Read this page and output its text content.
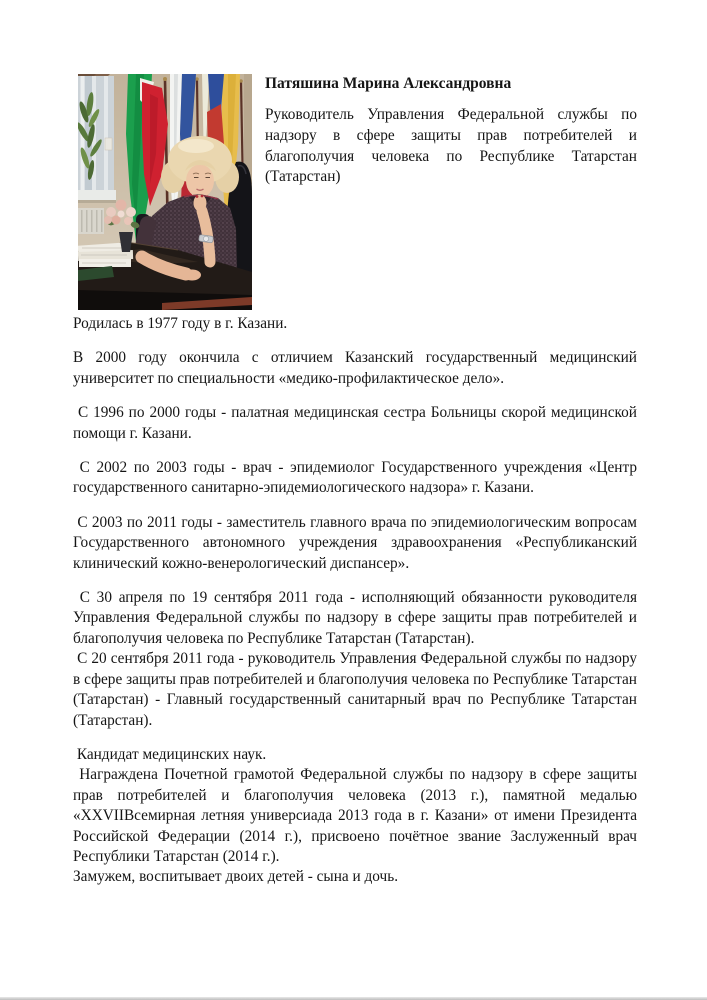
Патяшина Марина Александровна

Руководитель Управления Федеральной службы по надзору в сфере защиты прав потребителей и благополучия человека по Республике Татарстан (Татарстан)

Родилась в 1977 году в г. Казани.

В 2000 году окончила с отличием Казанский государственный медицинский университет по специальности «медико-профилактическое дело».

С 1996 по 2000 годы - палатная медицинская сестра Больницы скорой медицинской помощи г. Казани.

С 2002 по 2003 годы - врач - эпидемиолог Государственного учреждения «Центр государственного санитарно-эпидемиологического надзора» г. Казани.

С 2003 по 2011 годы - заместитель главного врача по эпидемиологическим вопросам Государственного автономного учреждения здравоохранения «Республиканский клинический кожно-венерологический диспансер».

С 30 апреля по 19 сентября 2011 года - исполняющий обязанности руководителя Управления Федеральной службы по надзору в сфере защиты прав потребителей и благополучия человека по Республике Татарстан (Татарстан).

С 20 сентября 2011 года - руководитель Управления Федеральной службы по надзору в сфере защиты прав потребителей и благополучия человека по Республике Татарстан (Татарстан) - Главный государственный санитарный врач по Республике Татарстан (Татарстан).

Кандидат медицинских наук.

Награждена Почетной грамотой Федеральной службы по надзору в сфере защиты прав потребителей и благополучия человека (2013 г.), памятной медалью «XXVIIВсемирная летняя универсиада 2013 года в г. Казани» от имени Президента Российской Федерации (2014 г.), присвоено почётное звание Заслуженный врач Республики Татарстан (2014 г.).

Замужем, воспитывает двоих детей - сына и дочь.
